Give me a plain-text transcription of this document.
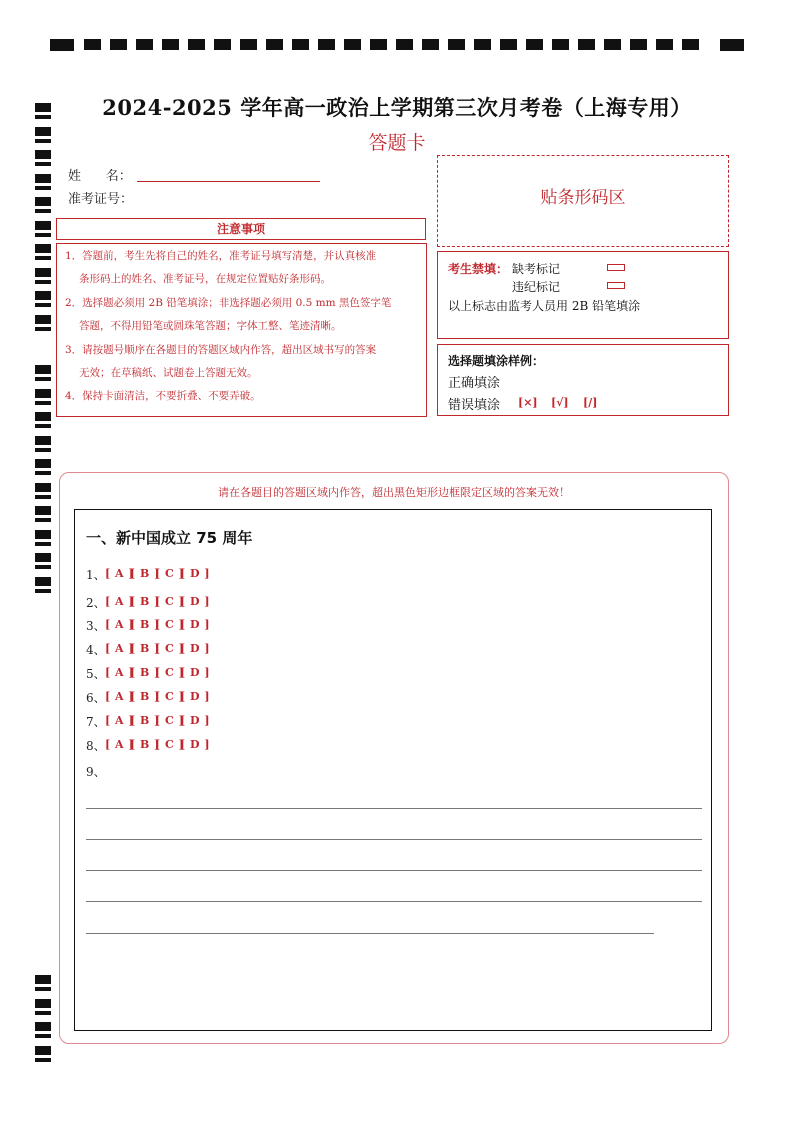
2024-2025 学年高一政治上学期第三次月考卷（上海专用）
答题卡
姓      名：
准考证号：
注意事项
1．答题前，考生先将自己的姓名，准考证号填写清楚，并认真核准
条形码上的姓名、准考证号，在规定位置贴好条形码。
2．选择题必须用 2B 铅笔填涂；非选择题必须用 0.5 mm 黑色签字笔
答题，不得用铅笔或圆珠笔答题；字体工整、笔迹清晰。
3．请按题号顺序在各题目的答题区域内作答，超出区域书写的答案
无效；在草稿纸、试题卷上答题无效。
4．保持卡面清洁，不要折叠、不要弄破。
贴条形码区
考生禁填： 缺考标记
违纪标记
以上标志由监考人员用 2B 铅笔填涂
选择题填涂样例：
正确填涂
错误填涂 [×] [√] [/]
请在各题目的答题区域内作答，超出黑色矩形边框限定区域的答案无效！
一、新中国成立 75 周年
1、 [ A ]
[ B ]
[ C ]
[ D ]
2、 [ A ]
[ B ]
[ C ]
[ D ]
3、 [ A ]
[ B ]
[ C ]
[ D ]
4、 [ A ]
[ B ]
[ C ]
[ D ]
5、 [ A ]
[ B ]
[ C ]
[ D ]
6、 [ A ]
[ B ]
[ C ]
[ D ]
7、 [ A ]
[ B ]
[ C ]
[ D ]
8、 [ A ]
[ B ]
[ C ]
[ D ]
9、
